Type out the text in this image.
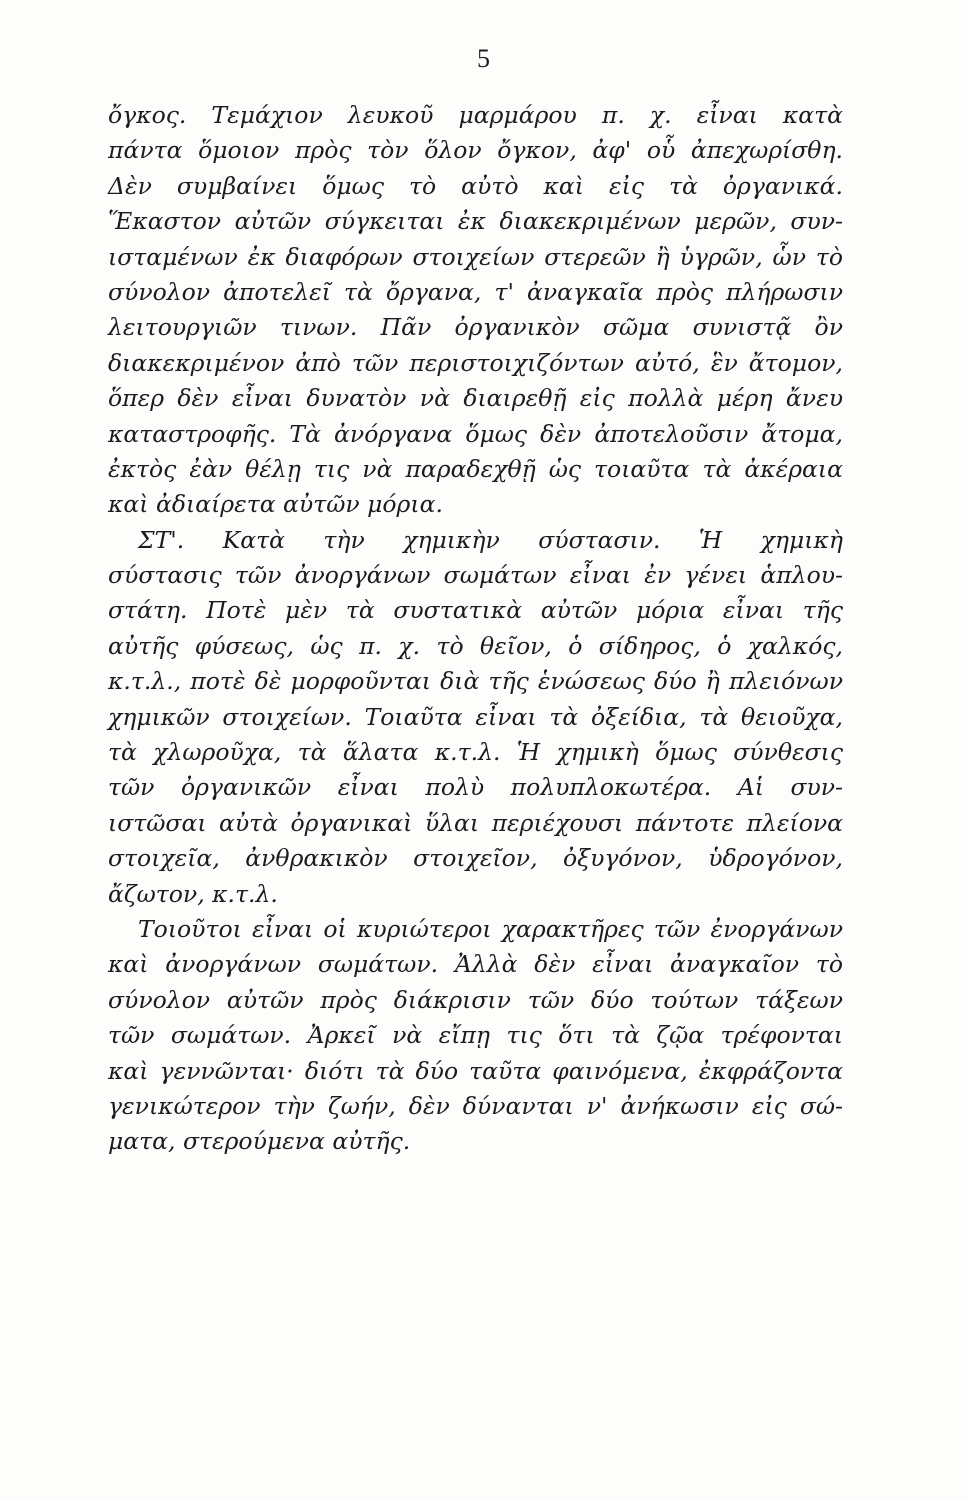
5
ὄγκος. Τεμάχιον λευκοῦ μαρμάρου π. χ. εἶναι κατὰ
πάντα ὅμοιον πρὸς τὸν ὅλον ὄγκον, ἀφ' οὗ ἀπεχωρίσθη.
Δὲν συμβαίνει ὅμως τὸ αὐτὸ καὶ εἰς τὰ ὀργανικά.
Ἕκαστον αὐτῶν σύγκειται ἐκ διακεκριμένων μερῶν, συν-
ισταμένων ἐκ διαφόρων στοιχείων στερεῶν ἢ ὑγρῶν, ὧν τὸ
σύνολον ἀποτελεῖ τὰ ὄργανα, τ' ἀναγκαῖα πρὸς πλήρωσιν
λειτουργιῶν τινων. Πᾶν ὀργανικὸν σῶμα συνιστᾷ ὂν
διακεκριμένον ἀπὸ τῶν περιστοιχιζόντων αὐτό, ἓν ἄτομον,
ὅπερ δὲν εἶναι δυνατὸν νὰ διαιρεθῇ εἰς πολλὰ μέρη ἄνευ
καταστροφῆς. Τὰ ἀνόργανα ὅμως δὲν ἀποτελοῦσιν ἄτομα,
ἐκτὸς ἐὰν θέλῃ τις νὰ παραδεχθῇ ὡς τοιαῦτα τὰ ἀκέραια
καὶ ἀδιαίρετα αὐτῶν μόρια.
ΣΤ'. Κατὰ τὴν χημικὴν σύστασιν. Ἡ χημικὴ
σύστασις τῶν ἀνοργάνων σωμάτων εἶναι ἐν γένει ἁπλου-
στάτη. Ποτὲ μὲν τὰ συστατικὰ αὐτῶν μόρια εἶναι τῆς
αὐτῆς φύσεως, ὡς π. χ. τὸ θεῖον, ὁ σίδηρος, ὁ χαλκός,
κ.τ.λ., ποτὲ δὲ μορφοῦνται διὰ τῆς ἑνώσεως δύο ἢ πλειόνων
χημικῶν στοιχείων. Τοιαῦτα εἶναι τὰ ὀξείδια, τὰ θειοῦχα,
τὰ χλωροῦχα, τὰ ἅλατα κ.τ.λ. Ἡ χημικὴ ὅμως σύνθεσις
τῶν ὀργανικῶν εἶναι πολὺ πολυπλοκωτέρα. Αἱ συν-
ιστῶσαι αὐτὰ ὀργανικαὶ ὕλαι περιέχουσι πάντοτε πλείονα
στοιχεῖα, ἀνθρακικὸν στοιχεῖον, ὀξυγόνον, ὑδρογόνον,
ἄζωτον, κ.τ.λ.
Τοιοῦτοι εἶναι οἱ κυριώτεροι χαρακτῆρες τῶν ἐνοργάνων
καὶ ἀνοργάνων σωμάτων. Ἀλλὰ δὲν εἶναι ἀναγκαῖον τὸ
σύνολον αὐτῶν πρὸς διάκρισιν τῶν δύο τούτων τάξεων
τῶν σωμάτων. Ἀρκεῖ νὰ εἴπῃ τις ὅτι τὰ ζῷα τρέφονται
καὶ γεννῶνται· διότι τὰ δύο ταῦτα φαινόμενα, ἐκφράζοντα
γενικώτερον τὴν ζωήν, δὲν δύνανται ν' ἀνήκωσιν εἰς σώ-
ματα, στερούμενα αὐτῆς.
